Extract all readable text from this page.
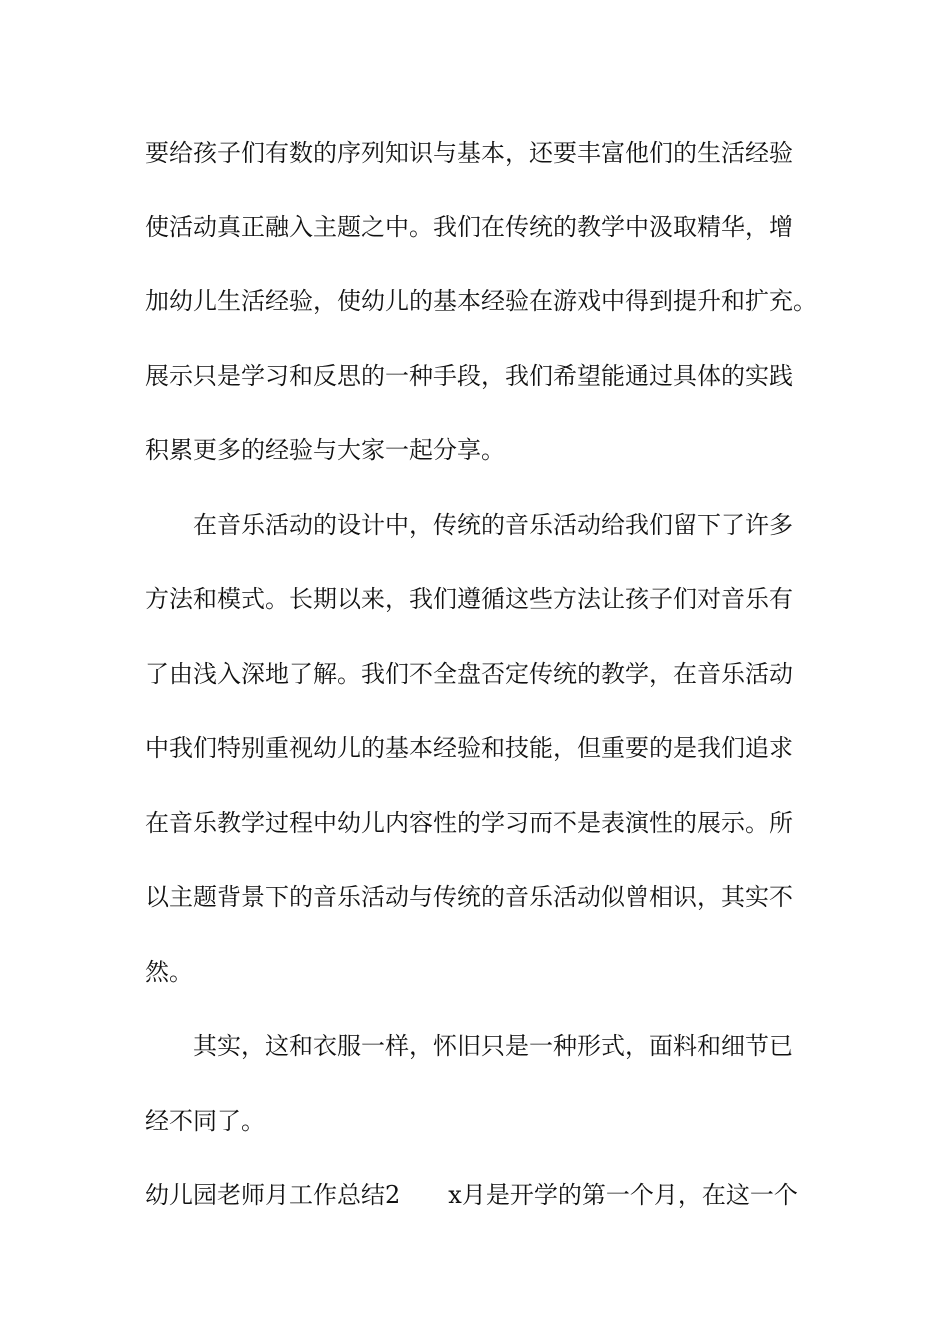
要给孩子们有数的序列知识与基本，还要丰富他们的生活经验
使活动真正融入主题之中。我们在传统的教学中汲取精华，增
加幼儿生活经验，使幼儿的基本经验在游戏中得到提升和扩充。
展示只是学习和反思的一种手段，我们希望能通过具体的实践
积累更多的经验与大家一起分享。
在音乐活动的设计中，传统的音乐活动给我们留下了许多
方法和模式。长期以来，我们遵循这些方法让孩子们对音乐有
了由浅入深地了解。我们不全盘否定传统的教学，在音乐活动
中我们特别重视幼儿的基本经验和技能，但重要的是我们追求
在音乐教学过程中幼儿内容性的学习而不是表演性的展示。所
以主题背景下的音乐活动与传统的音乐活动似曾相识，其实不
然。
其实，这和衣服一样，怀旧只是一种形式，面料和细节已
经不同了。
幼儿园老师月工作总结2 x月是开学的第一个月，在这一个
